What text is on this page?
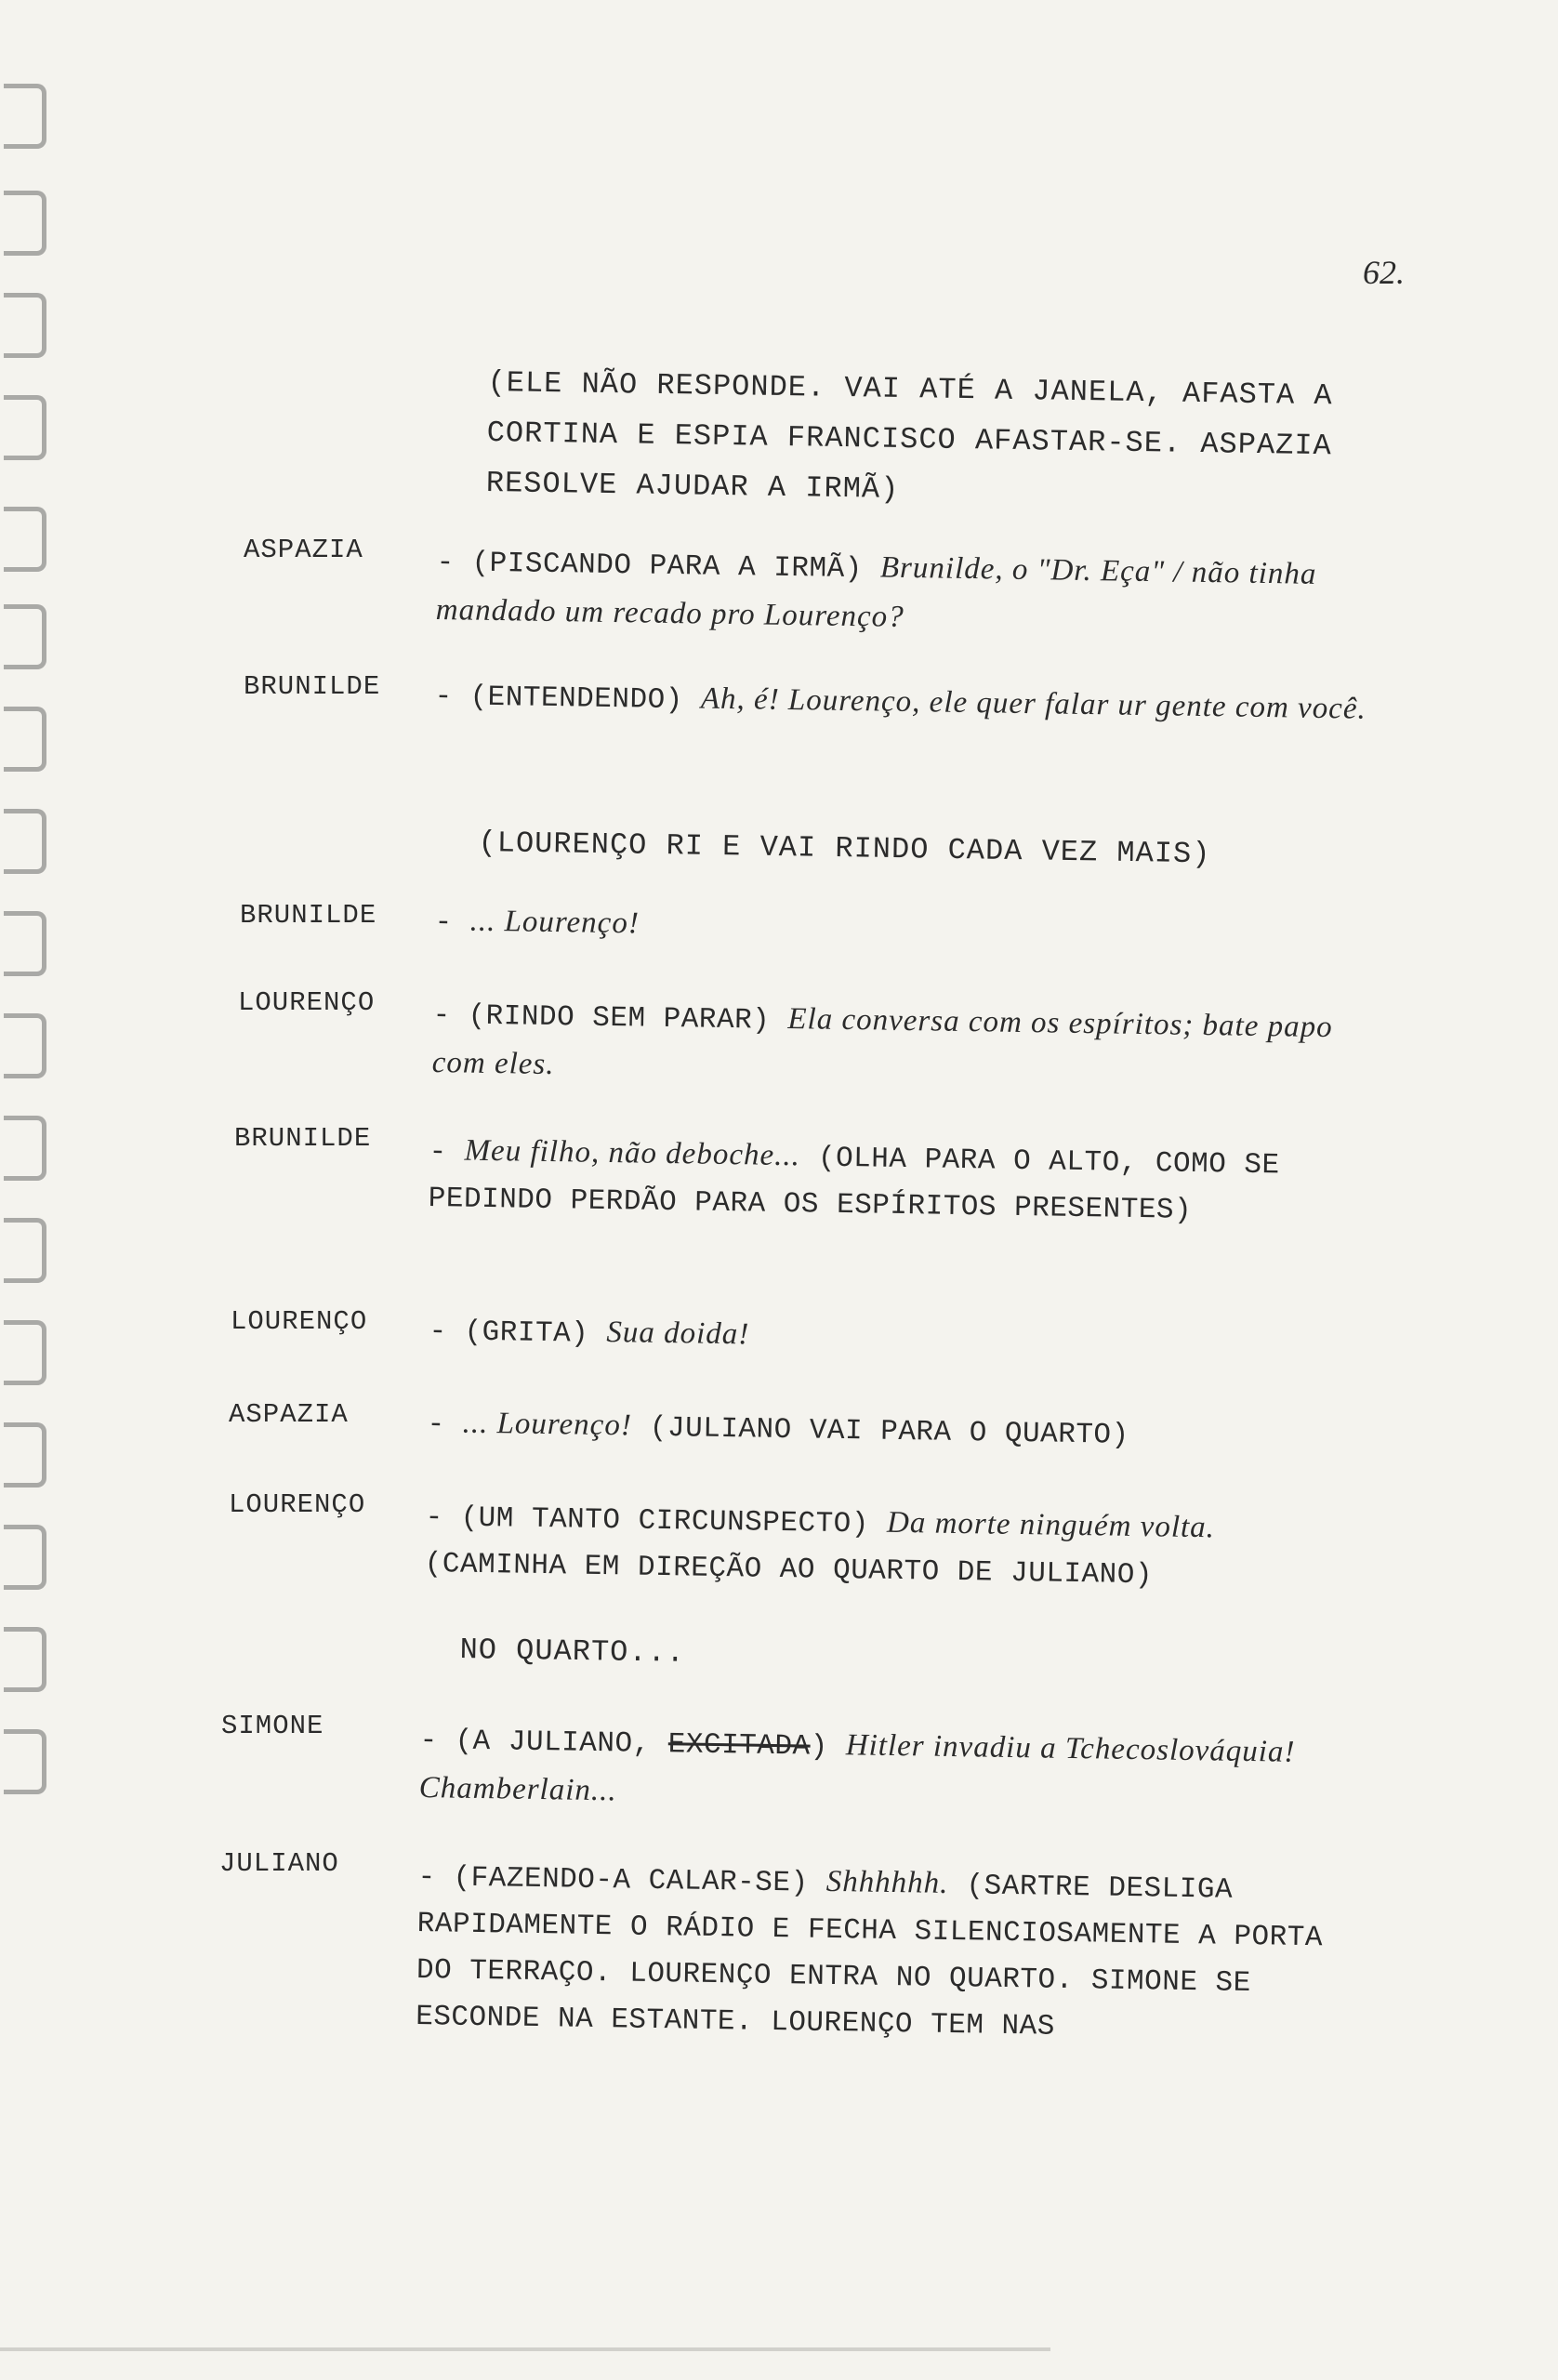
62.
(ELE NÃO RESPONDE. VAI ATÉ A JANELA, AFASTA A CORTINA E ESPIA FRANCISCO AFASTAR-SE. ASPAZIA RESOLVE AJUDAR A IRMÃ)
ASPAZIA	- (PISCANDO PARA A IRMÃ) Brunilde, o "Dr. Eça" / não tinha mandado um recado pro Lourenço?
BRUNILDE - (ENTENDENDO) Ah, é! Lourenço, ele quer falar ur gente com você.
(LOURENÇO RI E VAI RINDO CADA VEZ MAIS)
BRUNILDE - ... Lourenço!
LOURENÇO - (RINDO SEM PARAR) Ela conversa com os espíritos; bate papo com eles.
BRUNILDE - Meu filho, não deboche... (OLHA PARA O ALTO, COMO SE PEDINDO PERDÃO PARA OS ESPÍRITOS PRESENTES)
LOURENÇO - (GRITA) Sua doida!
ASPAZIA	- ... Lourenço! (JULIANO VAI PARA O QUARTO)
LOURENÇO - (UM TANTO CIRCUNSPECTO) Da morte ninguém volta. (CAMINHA EM DIREÇÃO AO QUARTO DE JULIANO)
NO QUARTO...
SIMONE	- (A JULIANO, EXCITADA) Hitler invadiu a Tchecoslováquia! Chamberlain...
JULIANO	- (FAZENDO-A CALAR-SE) Shhhhhh. (SARTRE DESLIGA RAPIDAMENTE O RÁDIO E FECHA SILENCIOSAMENTE A PORTA DO TERRAÇO. LOURENÇO ENTRA NO QUARTO. SIMONE SE ESCONDE NA ESTANTE. LOURENÇO TEM NAS
